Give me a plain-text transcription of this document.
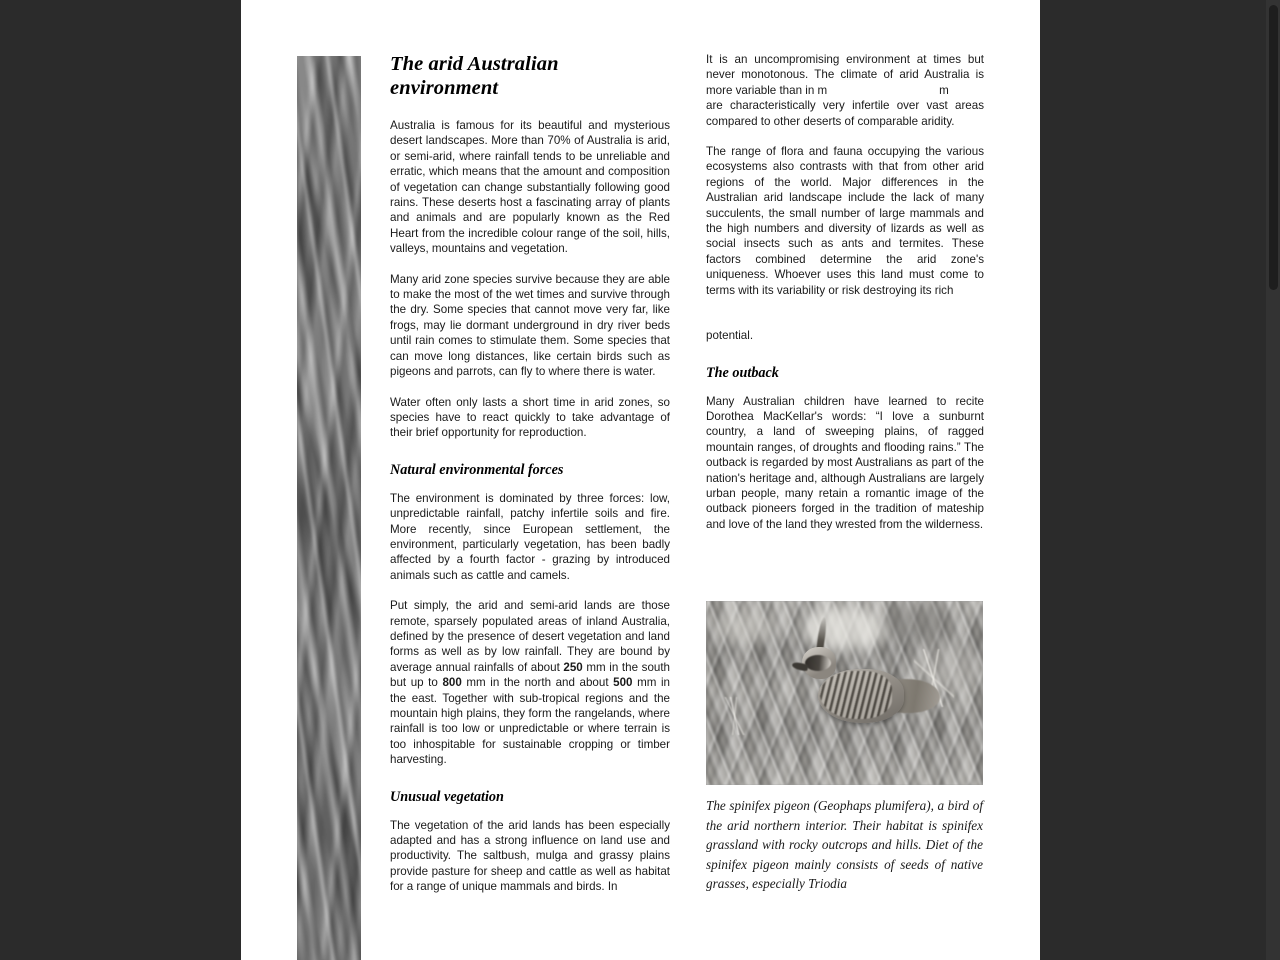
The arid Australian environment

Australia is famous for its beautiful and mysterious desert landscapes. More than 70% of Australia is arid, or semi-arid, where rainfall tends to be unreliable and erratic, which means that the amount and composition of vegetation can change substantially following good rains. These deserts host a fascinating array of plants and animals and are popularly known as the Red Heart from the incredible colour range of the soil, hills, valleys, mountains and vegetation.

Many arid zone species survive because they are able to make the most of the wet times and survive through the dry. Some species that cannot move very far, like frogs, may lie dormant underground in dry river beds until rain comes to stimulate them. Some species that can move long distances, like certain birds such as pigeons and parrots, can fly to where there is water.

Water often only lasts a short time in arid zones, so species have to react quickly to take advantage of their brief opportunity for reproduction.

Natural environmental forces

The environment is dominated by three forces: low, unpredictable rainfall, patchy infertile soils and fire. More recently, since European settlement, the environment, particularly vegetation, has been badly affected by a fourth factor - grazing by introduced animals such as cattle and camels.

Put simply, the arid and semi-arid lands are those remote, sparsely populated areas of inland Australia, defined by the presence of desert vegetation and land forms as well as by low rainfall. They are bound by average annual rainfalls of about 250 mm in the south but up to 800 mm in the north and about 500 mm in the east. Together with sub-tropical regions and the mountain high plains, they form the rangelands, where rainfall is too low or unpredictable or where terrain is too inhospitable for sustainable cropping or timber harvesting.

Unusual vegetation

The vegetation of the arid lands has been especially adapted and has a strong influence on land use and productivity. The saltbush, mulga and grassy plains provide pasture for sheep and cattle as well as habitat for a range of unique mammals and birds. In

It is an uncompromising environment at times but never monotonous. The climate of arid Australia is more variable than in m	m
are characteristically very infertile over vast areas compared to other deserts of comparable aridity.

The range of flora and fauna occupying the various ecosystems also contrasts with that from other arid regions of the world. Major differences in the Australian arid landscape include the lack of many succulents, the small number of large mammals and the high numbers and diversity of lizards as well as social insects such as ants and termites. These factors combined determine the arid zone's uniqueness. Whoever uses this land must come to terms with its variability or risk destroying its rich

potential.

The outback

Many Australian children have learned to recite Dorothea MacKellar's words: “I love a sunburnt country, a land of sweeping plains, of ragged mountain ranges, of droughts and flooding rains.” The outback is regarded by most Australians as part of the nation's heritage and, although Australians are largely urban people, many retain a romantic image of the outback pioneers forged in the tradition of mateship and love of the land they wrested from the wilderness.

The spinifex pigeon (Geophaps plumifera), a bird of the arid northern interior. Their habitat is spinifex grassland with rocky outcrops and hills. Diet of the spinifex pigeon mainly consists of seeds of native grasses, especially Triodia
